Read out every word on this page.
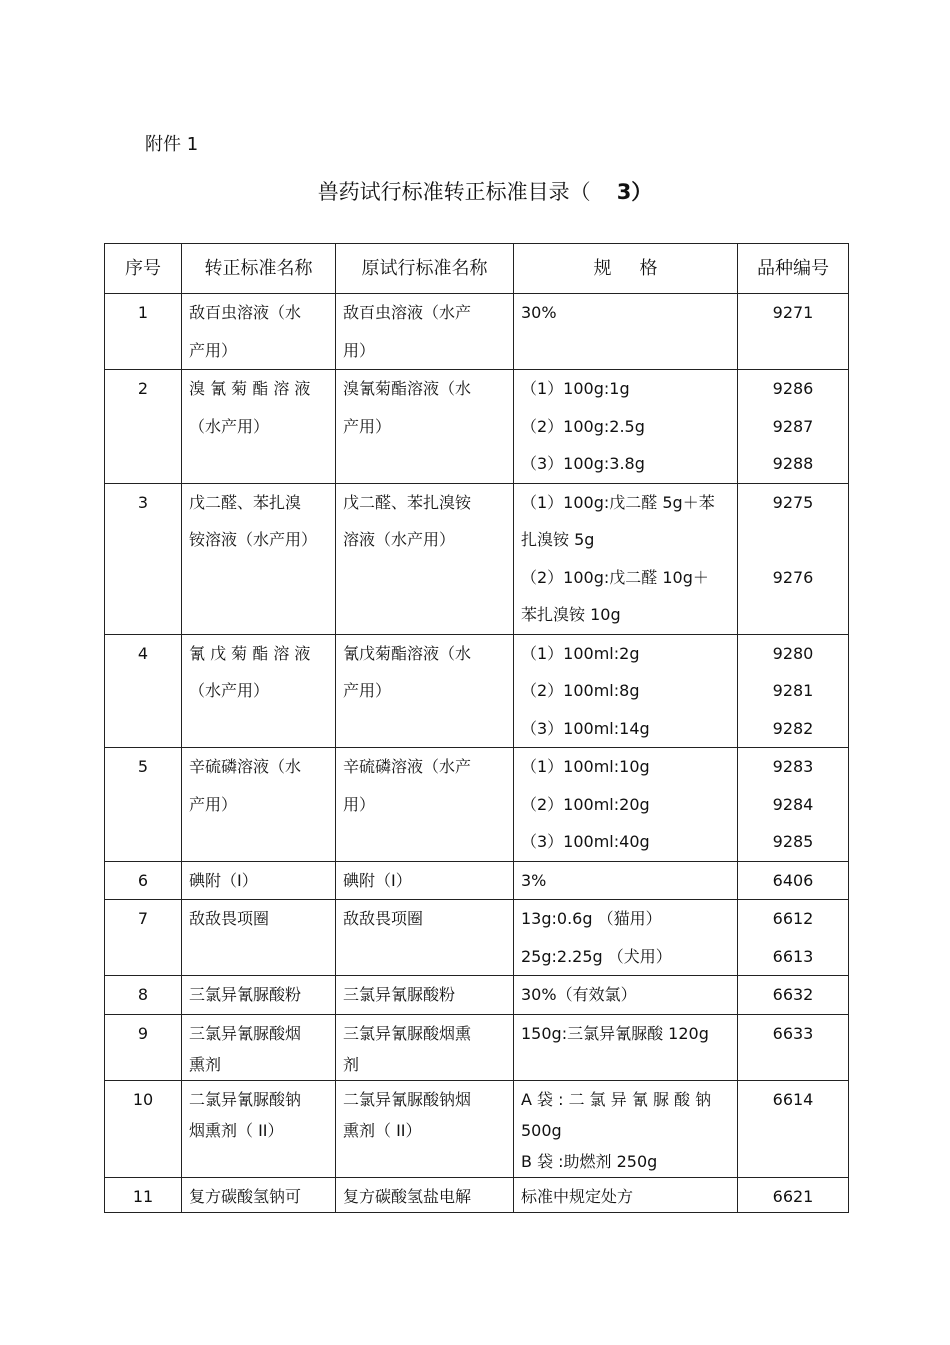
附件 1
兽药试行标准转正标准目录（ 3）
序号	转正标准名称	原试行标准名称	规格	品种编号
1	敌百虫溶液（水
产用）	敌百虫溶液（水产
用）	30%	9271

2	溴 氰 菊 酯 溶 液
（水产用）	溴氰菊酯溶液（水
产用）	（1）100g:1g
（2）100g:2.5g
（3）100g:3.8g	9286
9287
9288

3	戊二醛、苯扎溴
铵溶液（水产用）	戊二醛、苯扎溴铵
溶液（水产用）	（1）100g:戊二醛 5g＋苯
扎溴铵 5g
（2）100g:戊二醛 10g＋
苯扎溴铵 10g	9275

9276

4	氰 戊 菊 酯 溶 液
（水产用）	氰戊菊酯溶液（水
产用）	（1）100ml:2g
（2）100ml:8g
（3）100ml:14g	9280
9281
9282

5	辛硫磷溶液（水
产用）	辛硫磷溶液（水产
用）	（1）100ml:10g
（2）100ml:20g
（3）100ml:40g	9283
9284
9285

6	碘附（Ⅰ）	碘附（Ⅰ）	3%	6406

7	敌敌畏项圈	敌敌畏项圈	13g:0.6g （猫用）
25g:2.25g （犬用）	6612
6613

8	三氯异氰脲酸粉	三氯异氰脲酸粉	30%（有效氯）	6632

9	三氯异氰脲酸烟
熏剂	三氯异氰脲酸烟熏
剂	150g:三氯异氰脲酸 120g	6633

10	二氯异氰脲酸钠
烟熏剂（ II）	二氯异氰脲酸钠烟
熏剂（ II）	A 袋 : 二 氯 异 氰 脲 酸 钠
500g
B 袋 :助燃剂 250g	6614

11	复方碳酸氢钠可	复方碳酸氢盐电解	标准中规定处方	6621
